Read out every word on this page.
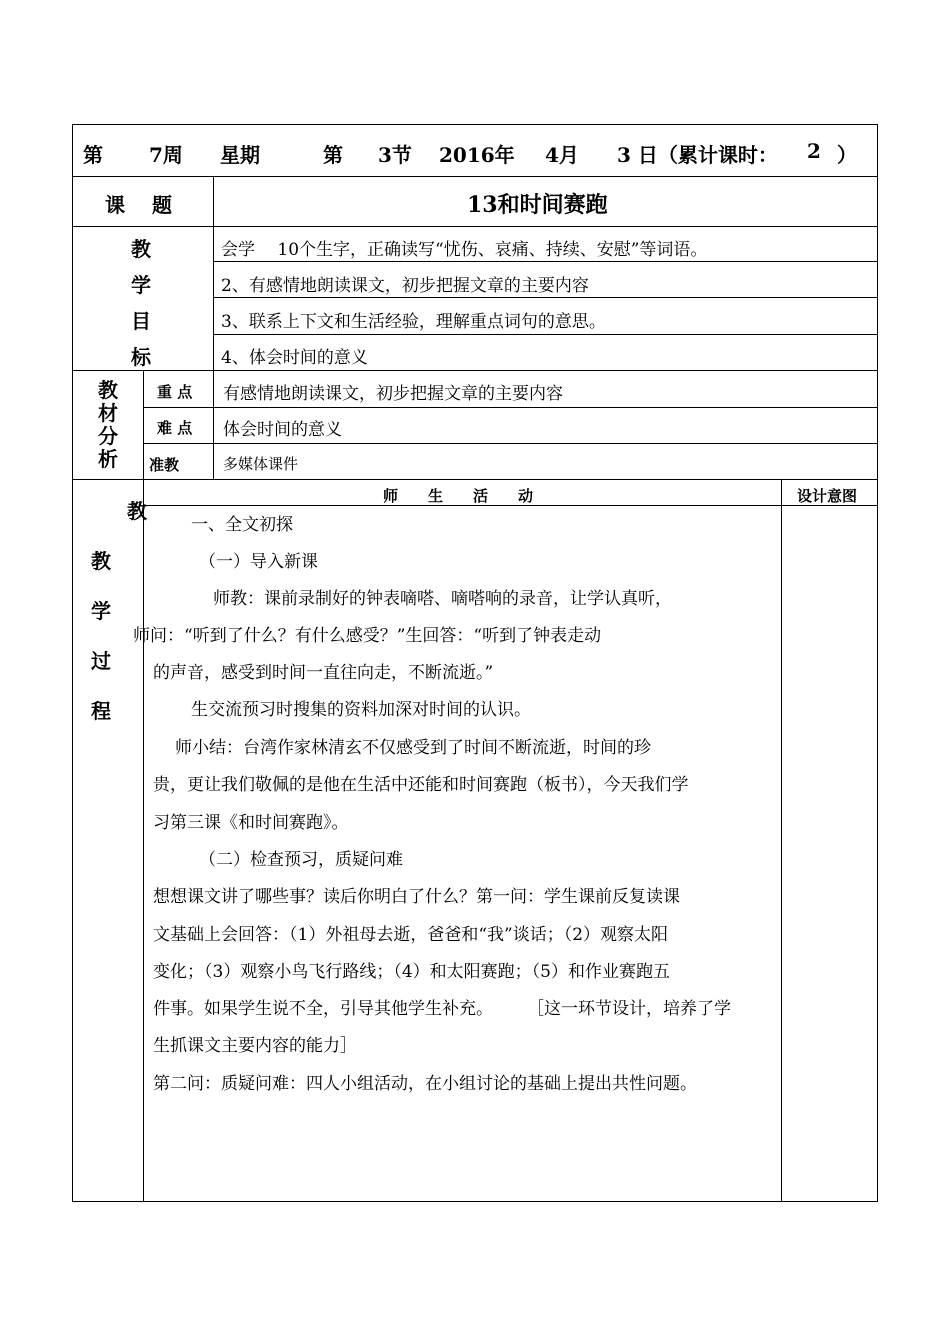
第 7周 星期	第 3节 2016年 4月 3 日（累计课时： 2 ）
课　 题	13和时间赛跑
教
学
目
标
会学　 10个生字，正确读写“忧伤、哀痛、持续、安慰”等词语。
2、有感情地朗读课文，初步把握文章的主要内容
3、联系上下文和生活经验，理解重点词句的意思。
4、体会时间的意义
教
材
分
析
重 点 有感情地朗读课文，初步把握文章的主要内容
难 点 体会时间的意义
准教	多媒体课件
师　　生　　活　　动	设计意图
教
教
学
过
程
一、全文初探
（一）导入新课
师教：课前录制好的钟表嘀嗒、嘀嗒响的录音，让学认真听，
师问：“听到了什么？有什么感受？”生回答：“听到了钟表走动
的声音，感受到时间一直往向走，不断流逝。”
生交流预习时搜集的资料加深对时间的认识。
师小结：台湾作家林清玄不仅感受到了时间不断流逝，时间的珍
贵，更让我们敬佩的是他在生活中还能和时间赛跑（板书），今天我们学
习第三课《和时间赛跑》。
（二）检查预习，质疑问难
想想课文讲了哪些事？读后你明白了什么？第一问：学生课前反复读课
文基础上会回答：（1）外祖母去逝，爸爸和“我”谈话；（2）观察太阳
变化；（3）观察小鸟飞行路线；（4）和太阳赛跑；（5）和作业赛跑五
件事。如果学生说不全，引导其他学生补充。　　　［这一环节设计，培养了学
生抓课文主要内容的能力］
第二问：质疑问难：四人小组活动，在小组讨论的基础上提出共性问题。
